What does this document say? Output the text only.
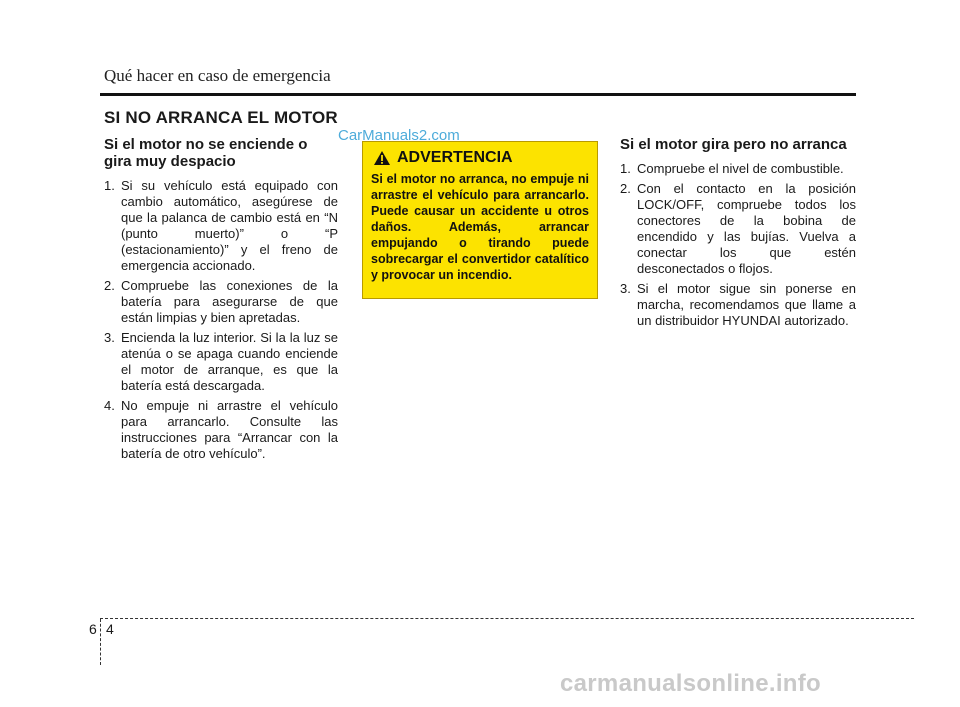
Qué hacer en caso de emergencia
SI NO ARRANCA EL MOTOR
Si el motor no se enciende o gira muy despacio
1. Si su vehículo está equipado con cambio automático, asegúrese de que la palanca de cambio está en “N (punto muerto)” o “P (estacionamiento)” y el freno de emergencia accionado.
2. Compruebe las conexiones de la batería para asegurarse de que están limpias y bien apretadas.
3. Encienda la luz interior. Si la la luz se atenúa o se apaga cuando enciende el motor de arranque, es que la batería está descargada.
4. No empuje ni arrastre el vehículo para arrancarlo. Consulte las instrucciones para “Arrancar con la batería de otro vehículo”.
ADVERTENCIA
Si el motor no arranca, no empuje ni arrastre el vehículo para arrancarlo. Puede causar un accidente u otros daños. Además, arrancar empujando o tirando puede sobrecargar el convertidor catalítico y provocar un incendio.
Si el motor gira pero no arranca
1. Compruebe el nivel de combustible.
2. Con el contacto en la posición LOCK/OFF, compruebe todos los conectores de la bobina de encendido y las bujías. Vuelva a conectar los que estén desconectados o flojos.
3. Si el motor sigue sin ponerse en marcha, recomendamos que llame a un distribuidor HYUNDAI autorizado.
CarManuals2.com
6 4
carmanualsonline.info
